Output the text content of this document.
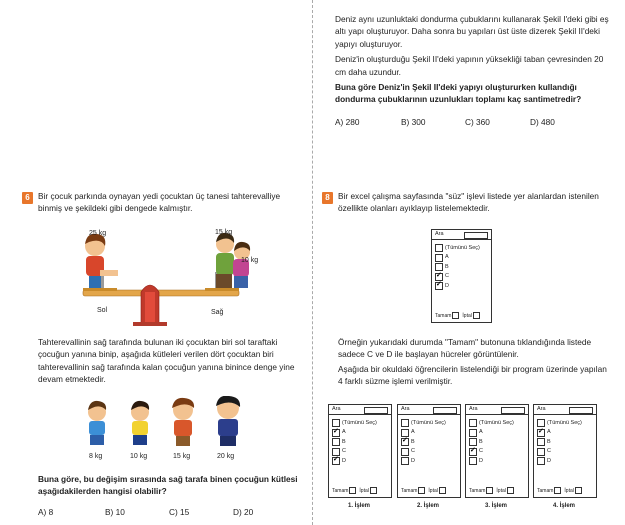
Deniz aynı uzunluktaki dondurma çubuklarını kullanarak Şekil I'deki gibi eş altı yapı oluşturuyor. Daha sonra bu yapıları üst üste dizerek Şekil II'deki yapıyı oluşturuyor.

Deniz'in oluşturduğu Şekil II'deki yapının yüksekliği taban çevresinden 20 cm daha uzundur.

Buna göre Deniz'in Şekil II'deki yapıyı oluştururken kullandığı dondurma çubuklarının uzunlukları toplamı kaç santimetredir?

A) 280	B) 300	C) 360	D) 480
6 Bir çocuk parkında oynayan yedi çocuktan üç tanesi tahterevalliye binmiş ve şekildeki gibi dengede kalmıştır.

25 kg	15 kg
10 kg
Sol	Sağ

Tahterevallinin sağ tarafında bulunan iki çocuktan biri sol taraftaki çocuğun yanına binip, aşağıda kütleleri verilen dört çocuktan biri tahterevallinin sağ tarafında kalan çocuğun yanına binince denge yine devam etmektedir.

8 kg	10 kg	15 kg	20 kg

Buna göre, bu değişim sırasında sağ tarafa binen çocuğun kütlesi aşağıdakilerden hangisi olabilir?

A) 8	B) 10	C) 15	D) 20
8 Bir excel çalışma sayfasında "süz" işlevi listede yer alanlardan istenilen özellikte olanları ayıklayıp listelemektedir.

Ara
(Tümünü Seç)
A
B
✓
C
✓
D
Tamam İptal

Örneğin yukarıdaki durumda "Tamam" butonuna tıklandığında listede sadece C ve D ile başlayan hücreler görüntülenir.

Aşağıda bir okuldaki öğrencilerin listelendiği bir program üzerinde yapılan 4 farklı süzme işlemi verilmiştir.

Ara
(Tümünü Seç)
✓
A
B
C
✓
D
Tamam İptal
1. İşlem
Ara
(Tümünü Seç)
A
✓
B
C
D
Tamam İptal
2. İşlem
Ara
(Tümünü Seç)
A
B
✓
C
D
Tamam İptal
3. İşlem
Ara
(Tümünü Seç)
✓
A
B
C
D
Tamam İptal
4. İşlem
